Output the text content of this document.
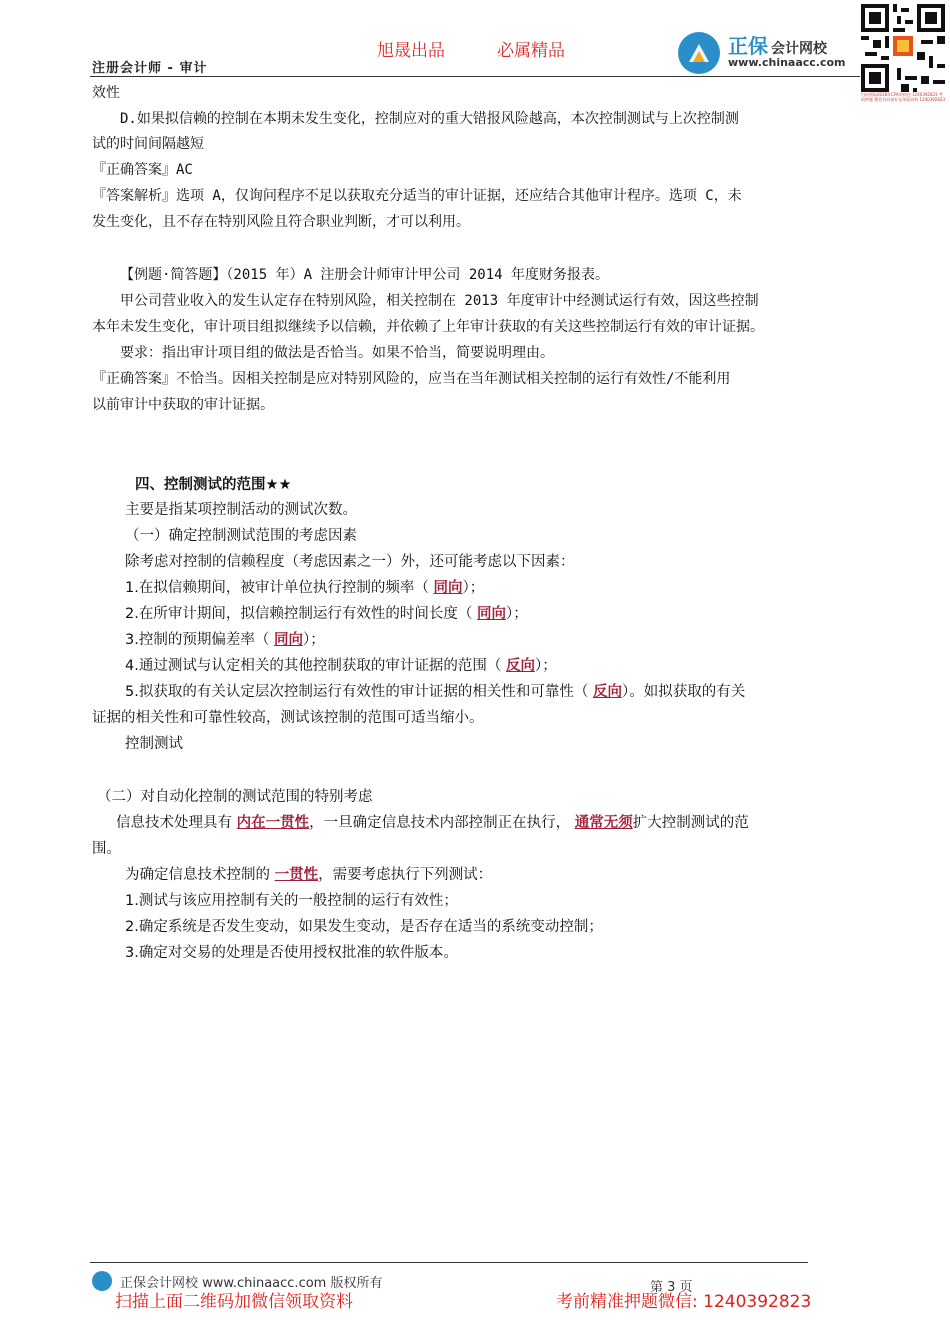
旭晟出品	必属精品
注册会计师 - 审计
正保 会计网校
www.chinaacc.com
扫码领取2018年CPA资料包 1240392823 考前押题 微信扫码加好友领取资料 1240392823
效性
D.如果拟信赖的控制在本期未发生变化，控制应对的重大错报风险越高，本次控制测试与上次控制测
试的时间间隔越短
『正确答案』AC
『答案解析』选项 A，仅询问程序不足以获取充分适当的审计证据，还应结合其他审计程序。选项 C，未
发生变化，且不存在特别风险且符合职业判断，才可以利用。
【例题·简答题】（2015 年）A 注册会计师审计甲公司 2014 年度财务报表。
甲公司营业收入的发生认定存在特别风险，相关控制在 2013 年度审计中经测试运行有效，因这些控制
本年未发生变化，审计项目组拟继续予以信赖，并依赖了上年审计获取的有关这些控制运行有效的审计证据。
要求：指出审计项目组的做法是否恰当。如果不恰当，简要说明理由。
『正确答案』不恰当。因相关控制是应对特别风险的，应当在当年测试相关控制的运行有效性/不能利用
以前审计中获取的审计证据。
四、控制测试的范围★★
主要是指某项控制活动的测试次数。
（一）确定控制测试范围的考虑因素
除考虑对控制的信赖程度（考虑因素之一）外，还可能考虑以下因素：
1.在拟信赖期间，被审计单位执行控制的频率（ 同向）；
2.在所审计期间，拟信赖控制运行有效性的时间长度（ 同向）；
3.控制的预期偏差率（ 同向）；
4.通过测试与认定相关的其他控制获取的审计证据的范围（ 反向）；
5.拟获取的有关认定层次控制运行有效性的审计证据的相关性和可靠性（ 反向）。如拟获取的有关
证据的相关性和可靠性较高，测试该控制的范围可适当缩小。
控制测试
（二）对自动化控制的测试范围的特别考虑
信息技术处理具有 内在一贯性，一旦确定信息技术内部控制正在执行， 通常无须扩大控制测试的范
围。
为确定信息技术控制的 一贯性，需要考虑执行下列测试：
1.测试与该应用控制有关的一般控制的运行有效性；
2.确定系统是否发生变动，如果发生变动，是否存在适当的系统变动控制；
3.确定对交易的处理是否使用授权批准的软件版本。
正保会计网校 www.chinaacc.com 版权所有	第 3 页
扫描上面二维码加微信领取资料	考前精准押题微信: 1240392823
